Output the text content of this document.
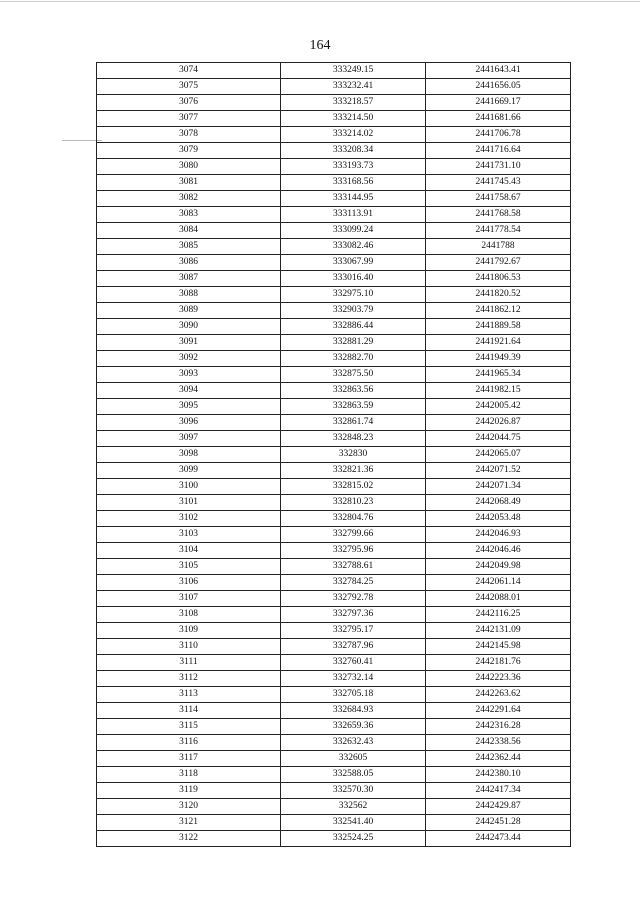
164
3074	333249.15	2441643.41
3075	333232.41	2441656.05
3076	333218.57	2441669.17
3077	333214.50	2441681.66
3078	333214.02	2441706.78
3079	333208.34	2441716.64
3080	333193.73	2441731.10
3081	333168.56	2441745.43
3082	333144.95	2441758.67
3083	333113.91	2441768.58
3084	333099.24	2441778.54
3085	333082.46	2441788
3086	333067.99	2441792.67
3087	333016.40	2441806.53
3088	332975.10	2441820.52
3089	332903.79	2441862.12
3090	332886.44	2441889.58
3091	332881.29	2441921.64
3092	332882.70	2441949.39
3093	332875.50	2441965.34
3094	332863.56	2441982.15
3095	332863.59	2442005.42
3096	332861.74	2442026.87
3097	332848.23	2442044.75
3098	332830	2442065.07
3099	332821.36	2442071.52
3100	332815.02	2442071.34
3101	332810.23	2442068.49
3102	332804.76	2442053.48
3103	332799.66	2442046.93
3104	332795.96	2442046.46
3105	332788.61	2442049.98
3106	332784.25	2442061.14
3107	332792.78	2442088.01
3108	332797.36	2442116.25
3109	332795.17	2442131.09
3110	332787.96	2442145.98
3111	332760.41	2442181.76
3112	332732.14	2442223.36
3113	332705.18	2442263.62
3114	332684.93	2442291.64
3115	332659.36	2442316.28
3116	332632.43	2442338.56
3117	332605	2442362.44
3118	332588.05	2442380.10
3119	332570.30	2442417.34
3120	332562	2442429.87
3121	332541.40	2442451.28
3122	332524.25	2442473.44
